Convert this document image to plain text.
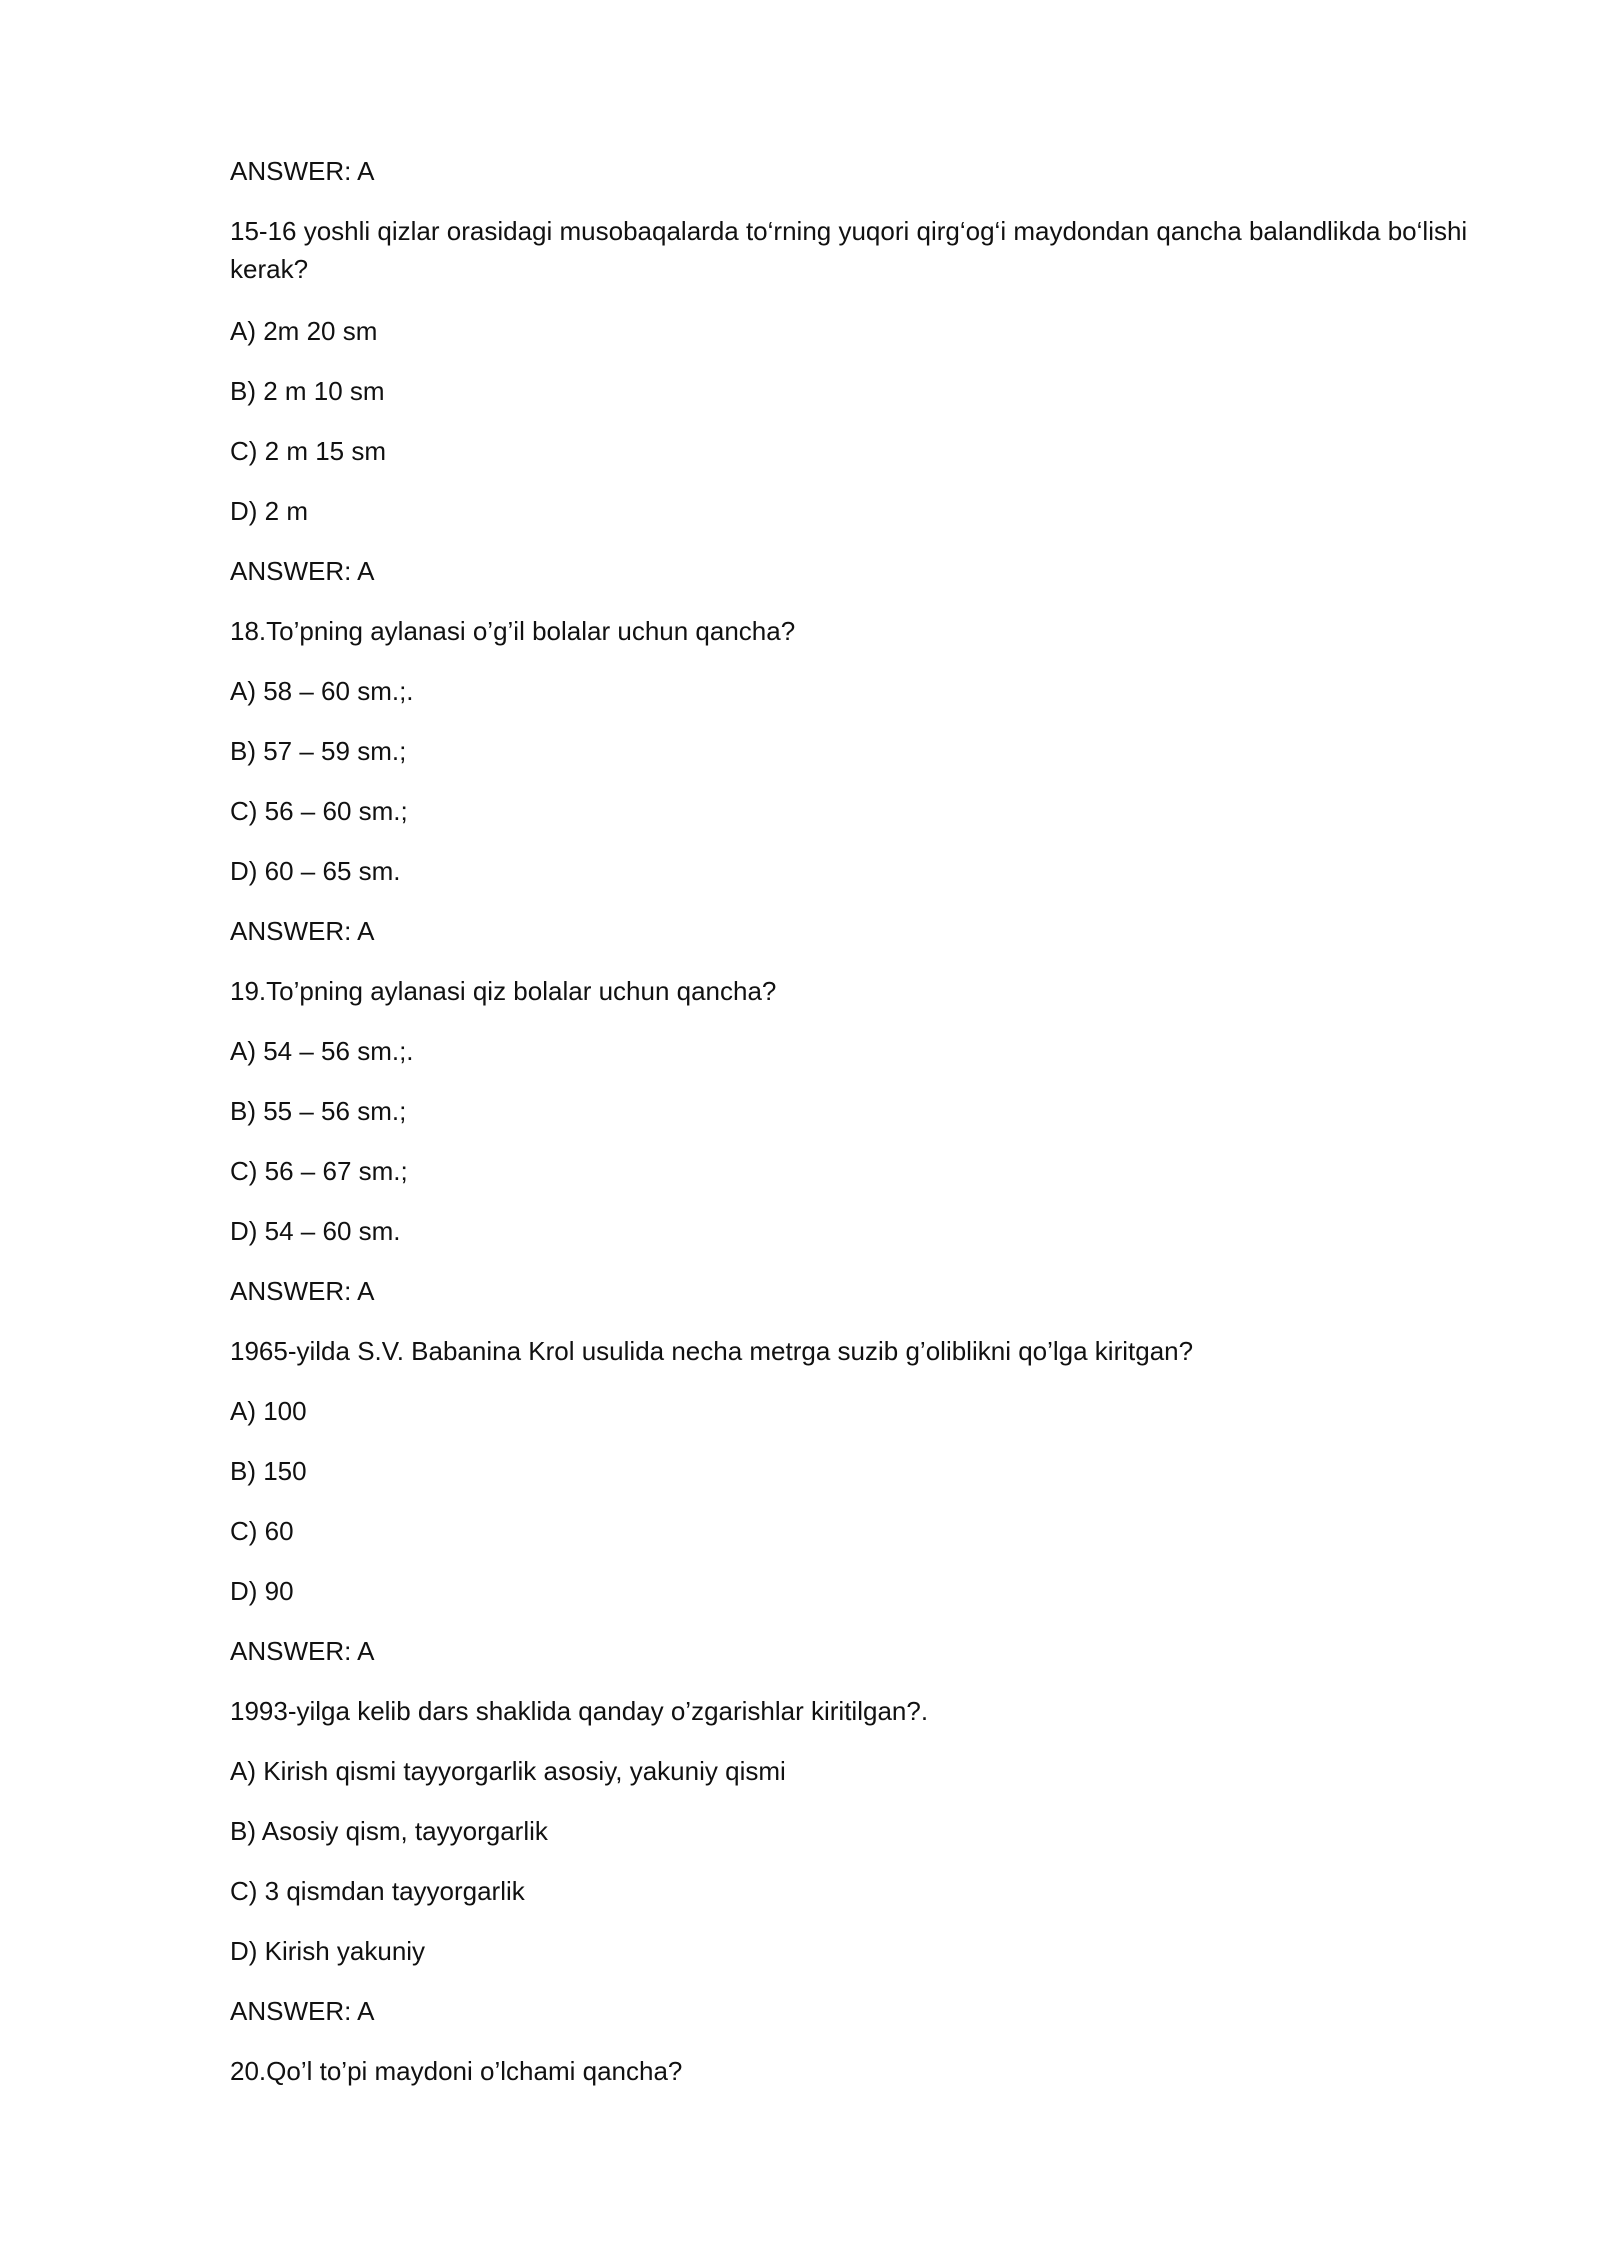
ANSWER: A
15-16 yoshli qizlar orasidagi musobaqalarda to‘rning yuqori qirg‘og‘i maydondan qancha balandlikda bo‘lishi kerak?
A) 2m 20 sm
B) 2 m 10 sm
C) 2 m 15 sm
D) 2 m
ANSWER: A
18.To’pning aylanasi o’g’il bolalar uchun qancha?
A) 58 – 60 sm.;.
B) 57 – 59 sm.;
C) 56 – 60 sm.;
D) 60 – 65 sm.
ANSWER: A
19.To’pning aylanasi qiz bolalar uchun qancha?
A) 54 – 56 sm.;.
B) 55 – 56 sm.;
C) 56 – 67 sm.;
D) 54 – 60 sm.
ANSWER: A
1965-yilda S.V. Babanina Krol usulida necha metrga suzib g’oliblikni qo’lga kiritgan?
A) 100
B) 150
C) 60
D) 90
ANSWER: A
1993-yilga kelib dars shaklida qanday o’zgarishlar kiritilgan?.
A) Kirish qismi tayyorgarlik asosiy, yakuniy qismi
B) Asosiy qism, tayyorgarlik
C) 3 qismdan tayyorgarlik
D) Kirish yakuniy
ANSWER: A
20.Qo’l to’pi maydoni o’lchami qancha?
